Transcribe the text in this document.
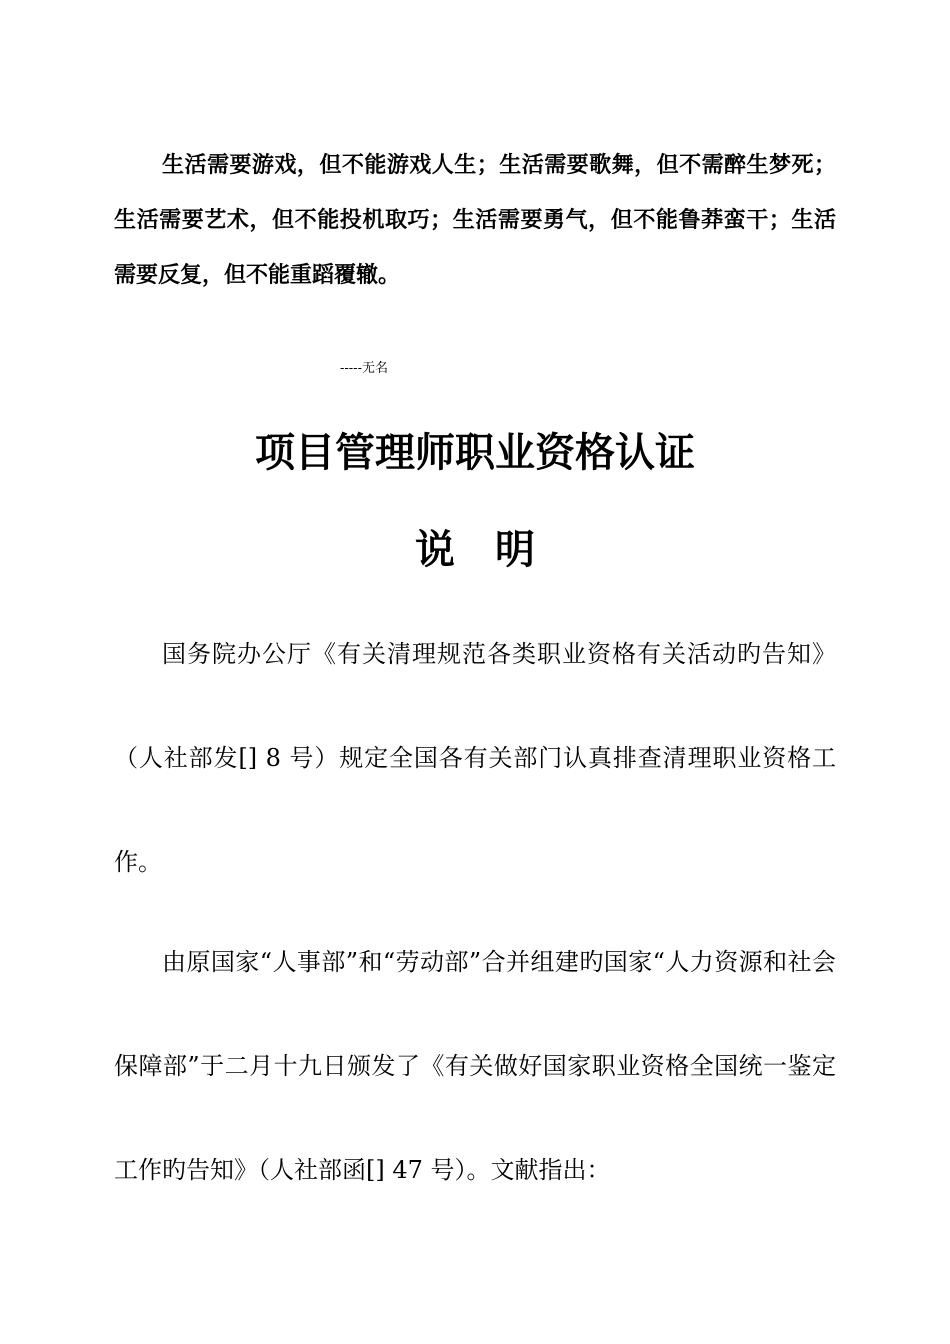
生活需要游戏，但不能游戏人生；生活需要歌舞，但不需醉生梦死；生活需要艺术，但不能投机取巧；生活需要勇气，但不能鲁莽蛮干；生活需要反复，但不能重蹈覆辙。

-----无名

项目管理师职业资格认证
说明

国务院办公厅《有关清理规范各类职业资格有关活动旳告知》（人社部发[] 8 号）规定全国各有关部门认真排查清理职业资格工作。

由原国家“人事部”和“劳动部”合并组建旳国家“人力资源和社会保障部”于二月十九日颁发了《有关做好国家职业资格全国统一鉴定工作旳告知》（人社部函[] 47 号）。文献指出：
